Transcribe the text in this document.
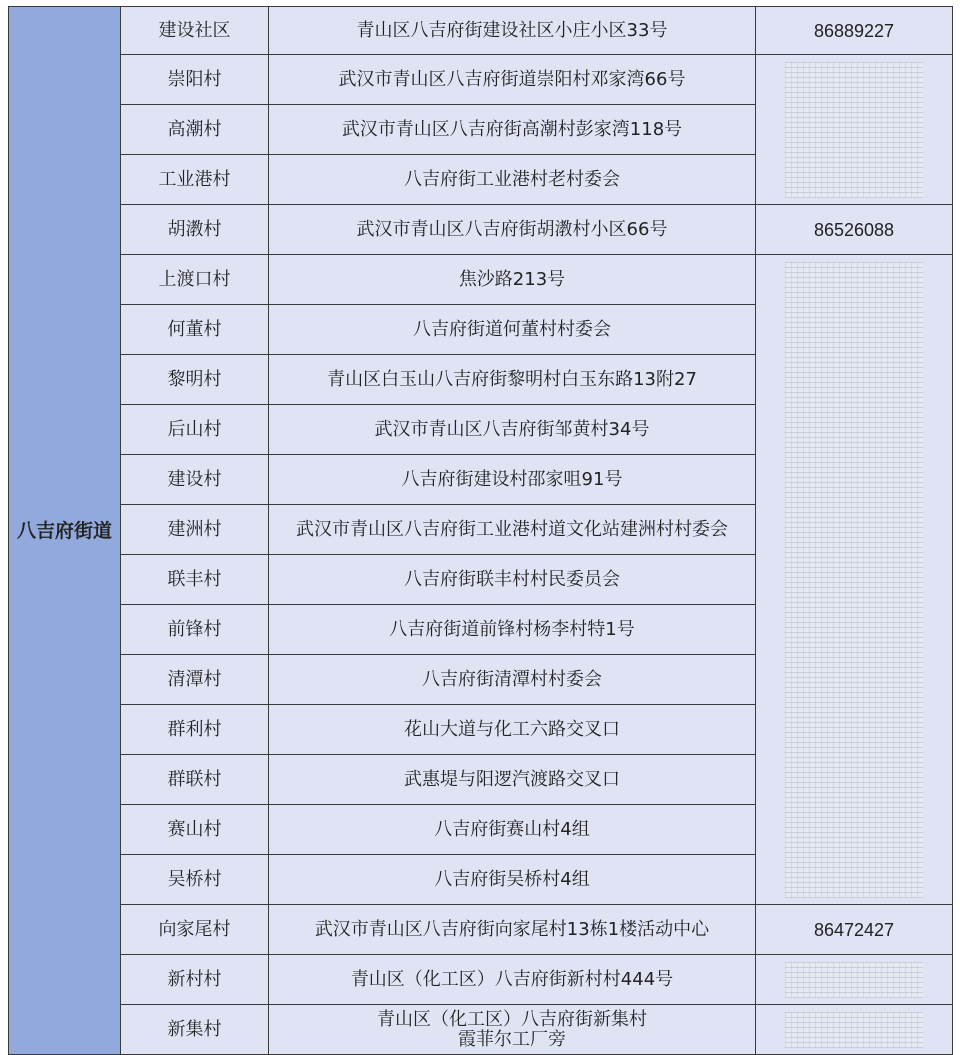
八吉府街道	建设社区	青山区八吉府街建设社区小庄小区33号	86889227
	崇阳村	武汉市青山区八吉府街道崇阳村邓家湾66号	

	高潮村	武汉市青山区八吉府街高潮村彭家湾118号	

	工业港村	八吉府街工业港村老村委会	

	胡漖村	武汉市青山区八吉府街胡漖村小区66号	86526088
	上渡口村	焦沙路213号	

	何董村	八吉府街道何董村村委会	

	黎明村	青山区白玉山八吉府街黎明村白玉东路13附27	

	后山村	武汉市青山区八吉府街邹黄村34号	

	建设村	八吉府街建设村邵家咀91号	

	建洲村	武汉市青山区八吉府街工业港村道文化站建洲村村委会	

	联丰村	八吉府街联丰村村民委员会	

	前锋村	八吉府街道前锋村杨李村特1号	

	清潭村	八吉府街清潭村村委会	

	群利村	花山大道与化工六路交叉口	

	群联村	武惠堤与阳逻汽渡路交叉口	

	赛山村	八吉府街赛山村4组	

	吴桥村	八吉府街吴桥村4组	

	向家尾村	武汉市青山区八吉府街向家尾村13栋1楼活动中心	86472427
	新村村	青山区（化工区）八吉府街新村村444号	

	新集村	青山区（化工区）八吉府街新集村
霞菲尔工厂旁	
